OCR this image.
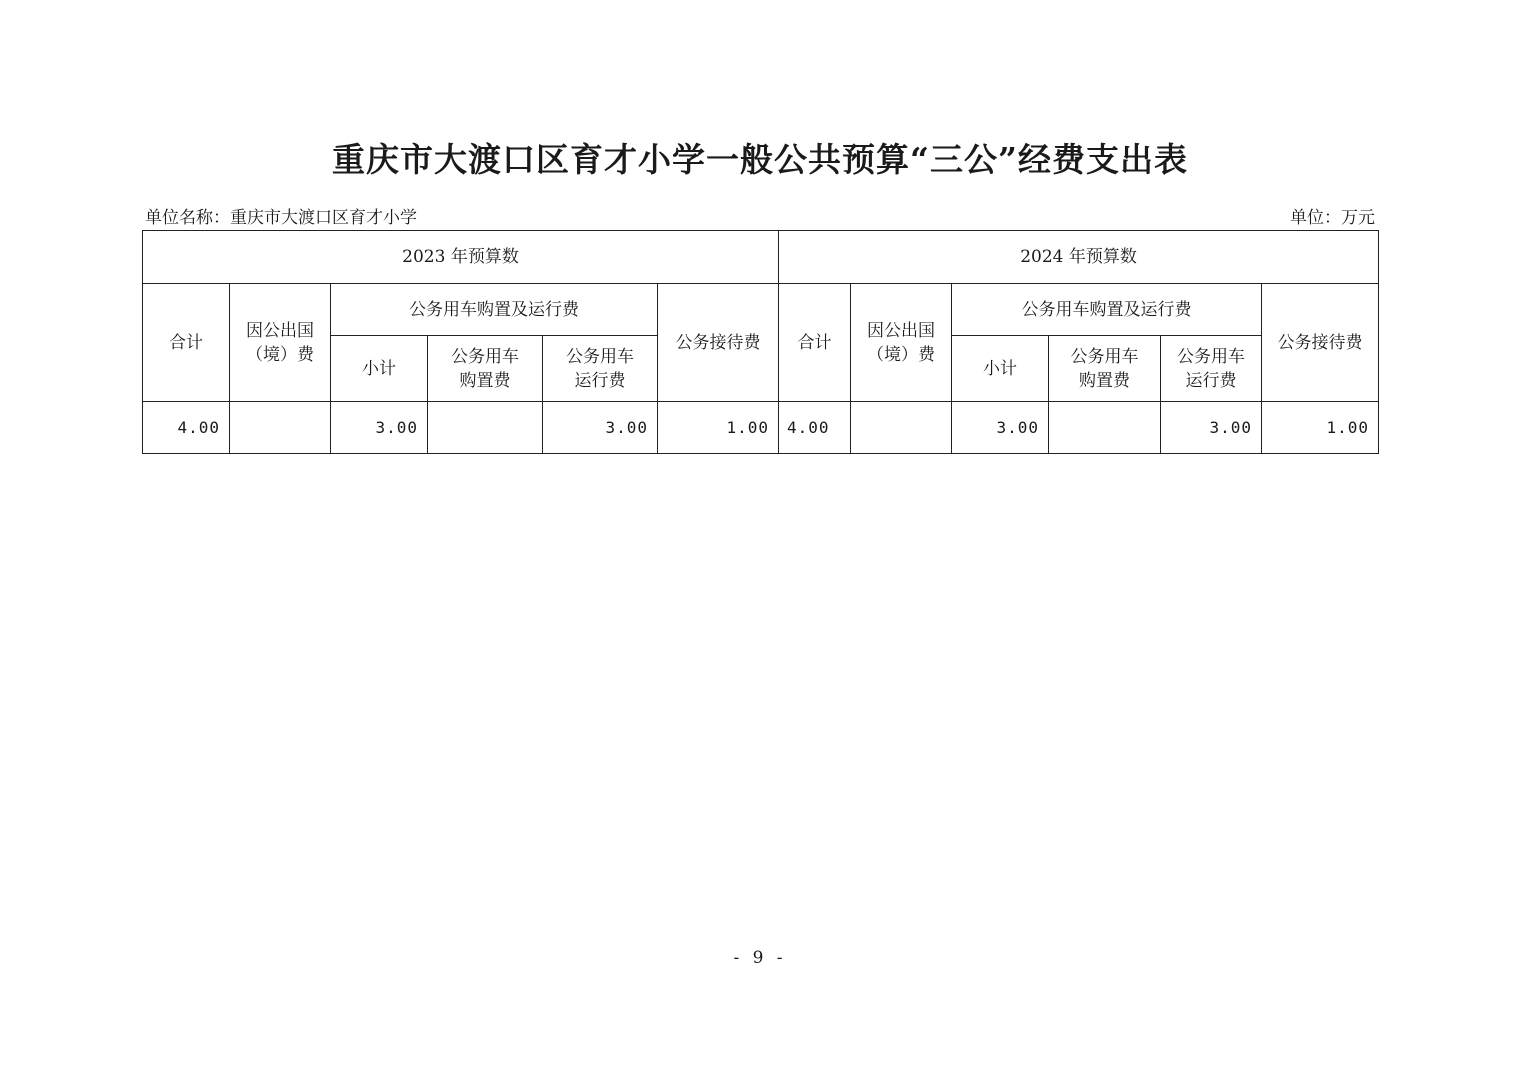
重庆市大渡口区育才小学一般公共预算“三公”经费支出表
单位名称：重庆市大渡口区育才小学	单位：万元
2023 年预算数						2024 年预算数					
合计	因公出国（境）费	公务用车购置及运行费			公务接待费	合计	因公出国（境）费	公务用车购置及运行费			公务接待费
		小计	公务用车购置费	公务用车运行费				小计	公务用车购置费	公务用车运行费	
4.00		3.00		3.00	1.00	4.00		3.00		3.00	1.00
- 9 -
